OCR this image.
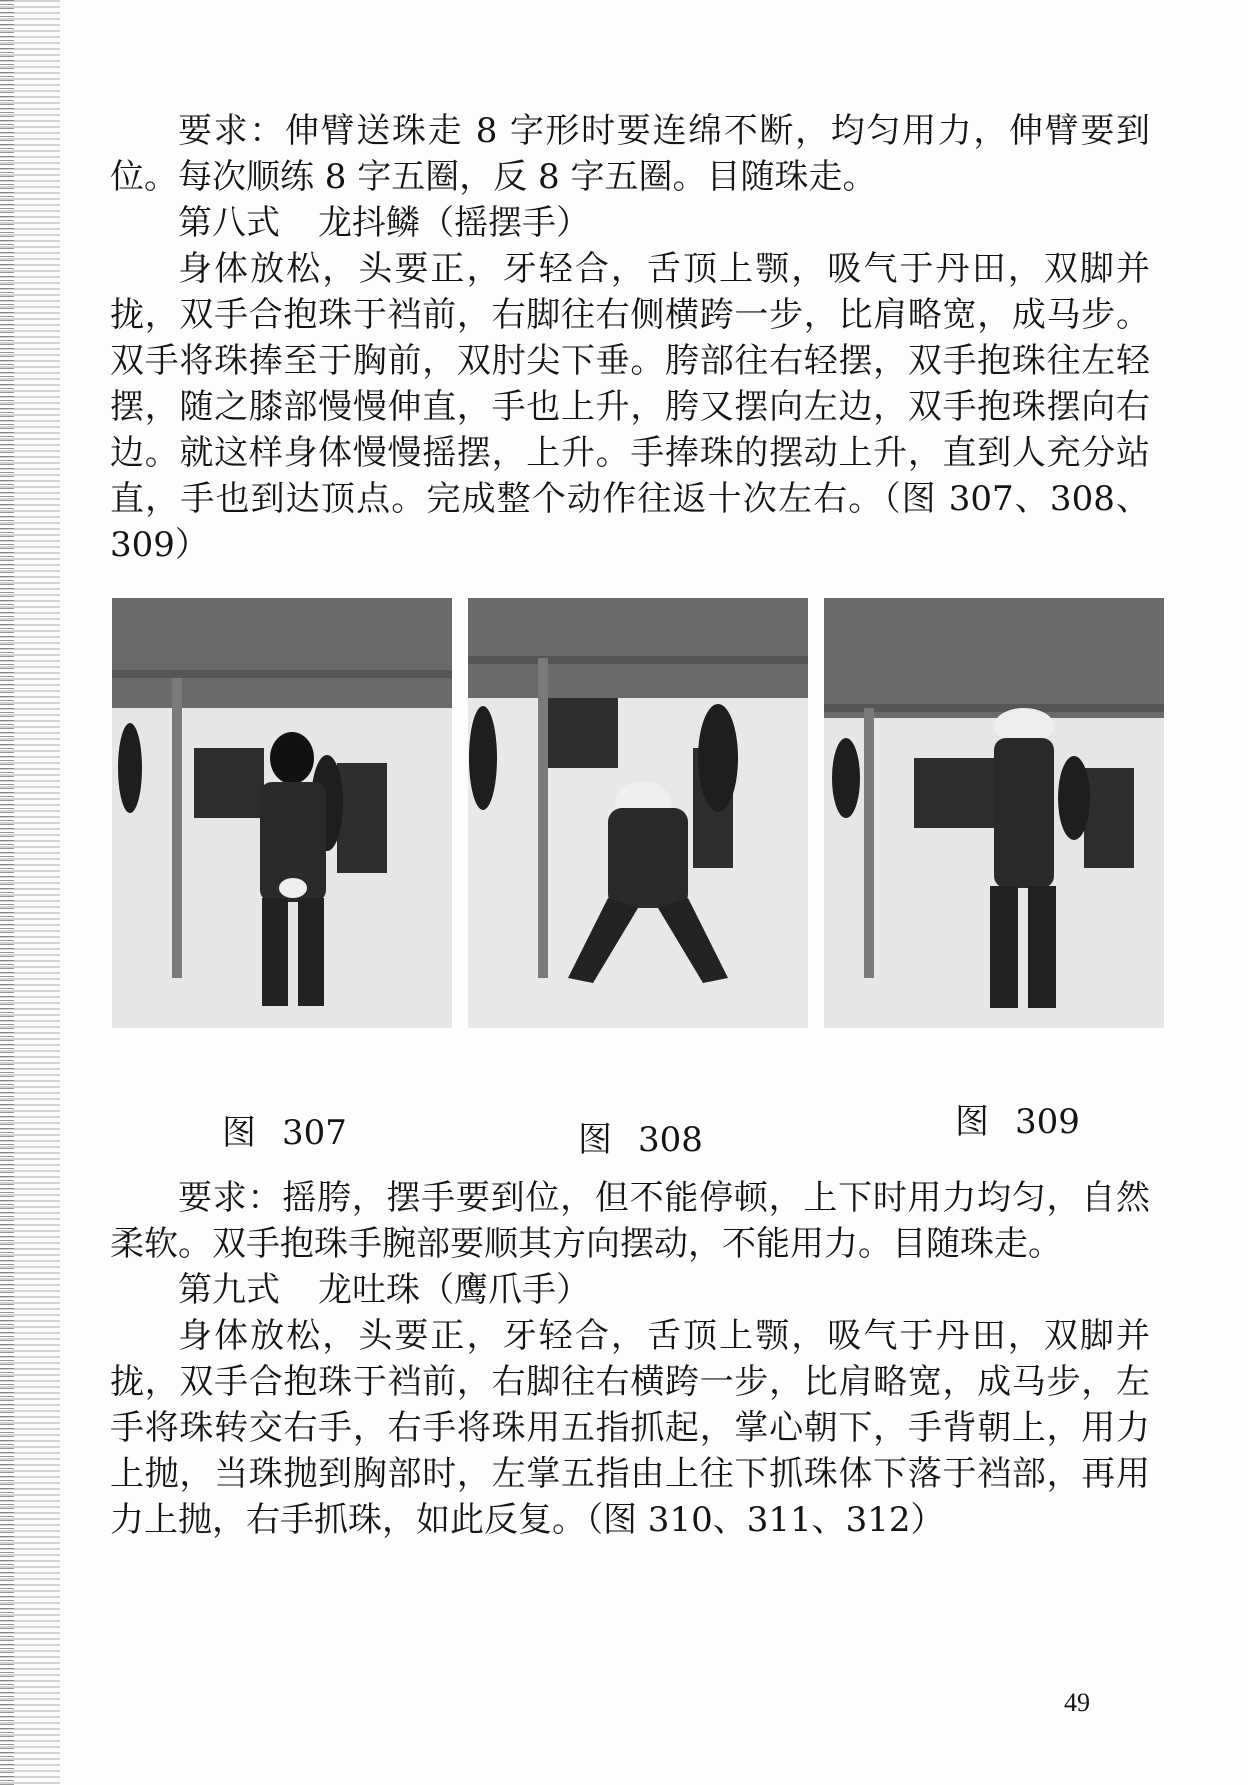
要求：伸臂送珠走 8 字形时要连绵不断，均匀用力，伸臂要到位。每次顺练 8 字五圈，反 8 字五圈。目随珠走。

第八式 龙抖鳞（摇摆手）

身体放松，头要正，牙轻合，舌顶上颚，吸气于丹田，双脚并拢，双手合抱珠于裆前，右脚往右侧横跨一步，比肩略宽，成马步。双手将珠捧至于胸前，双肘尖下垂。胯部往右轻摆，双手抱珠往左轻摆，随之膝部慢慢伸直，手也上升，胯又摆向左边，双手抱珠摆向右边。就这样身体慢慢摇摆，上升。手捧珠的摆动上升，直到人充分站直，手也到达顶点。完成整个动作往返十次左右。（图 307、308、309）

图 307	图 308	图 309

要求：摇胯，摆手要到位，但不能停顿，上下时用力均匀，自然柔软。双手抱珠手腕部要顺其方向摆动，不能用力。目随珠走。

第九式 龙吐珠（鹰爪手）

身体放松，头要正，牙轻合，舌顶上颚，吸气于丹田，双脚并拢，双手合抱珠于裆前，右脚往右横跨一步，比肩略宽，成马步，左手将珠转交右手，右手将珠用五指抓起，掌心朝下，手背朝上，用力上抛，当珠抛到胸部时，左掌五指由上往下抓珠体下落于裆部，再用力上抛，右手抓珠，如此反复。（图 310、311、312）

49
